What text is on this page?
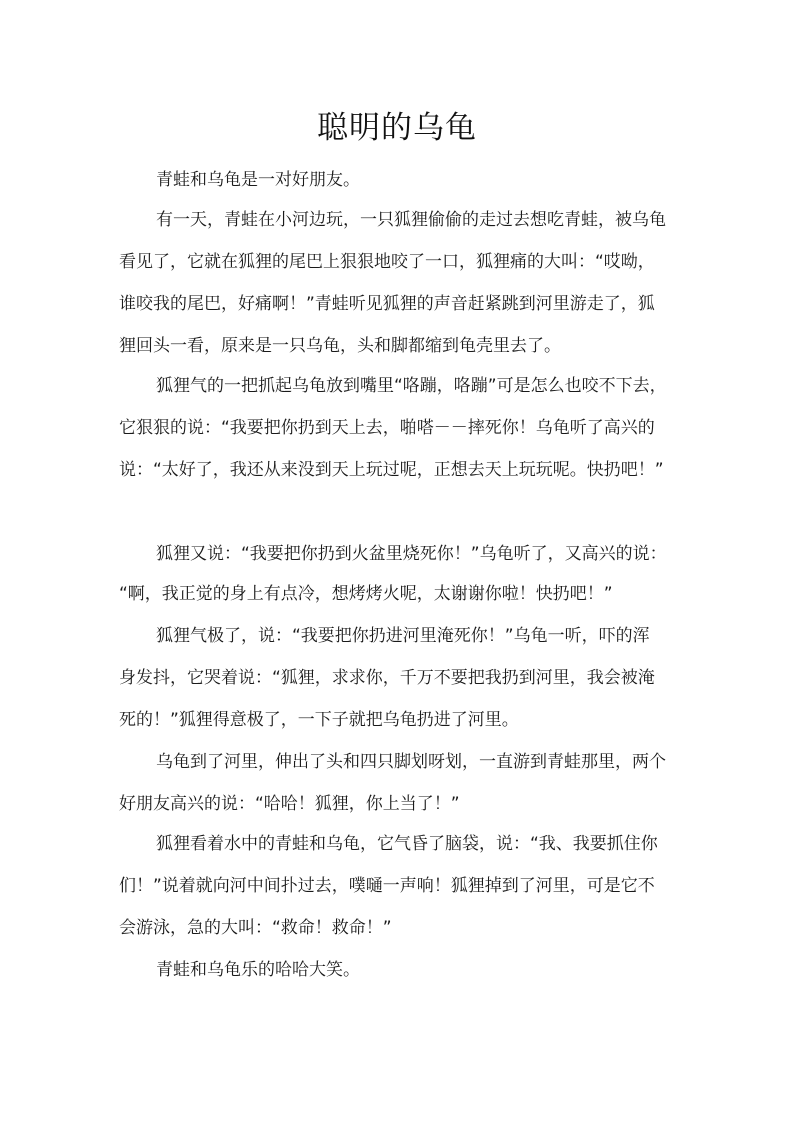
聪明的乌龟
青蛙和乌龟是一对好朋友。
有一天，青蛙在小河边玩，一只狐狸偷偷的走过去想吃青蛙，被乌龟
看见了，它就在狐狸的尾巴上狠狠地咬了一口，狐狸痛的大叫：“哎呦，
谁咬我的尾巴，好痛啊！”青蛙听见狐狸的声音赶紧跳到河里游走了，狐
狸回头一看，原来是一只乌龟，头和脚都缩到龟壳里去了。
狐狸气的一把抓起乌龟放到嘴里“咯蹦，咯蹦”可是怎么也咬不下去，
它狠狠的说：“我要把你扔到天上去，啪嗒－－摔死你！乌龟听了高兴的
说：“太好了，我还从来没到天上玩过呢，正想去天上玩玩呢。快扔吧！”
狐狸又说：“我要把你扔到火盆里烧死你！”乌龟听了，又高兴的说：
“啊，我正觉的身上有点冷，想烤烤火呢，太谢谢你啦！快扔吧！”
狐狸气极了，说：“我要把你扔进河里淹死你！”乌龟一听，吓的浑
身发抖，它哭着说：“狐狸，求求你，千万不要把我扔到河里，我会被淹
死的！”狐狸得意极了，一下子就把乌龟扔进了河里。
乌龟到了河里，伸出了头和四只脚划呀划，一直游到青蛙那里，两个
好朋友高兴的说：“哈哈！狐狸，你上当了！”
狐狸看着水中的青蛙和乌龟，它气昏了脑袋，说：“我、我要抓住你
们！”说着就向河中间扑过去，噗嗵一声响！狐狸掉到了河里，可是它不
会游泳，急的大叫：“救命！救命！”
青蛙和乌龟乐的哈哈大笑。
